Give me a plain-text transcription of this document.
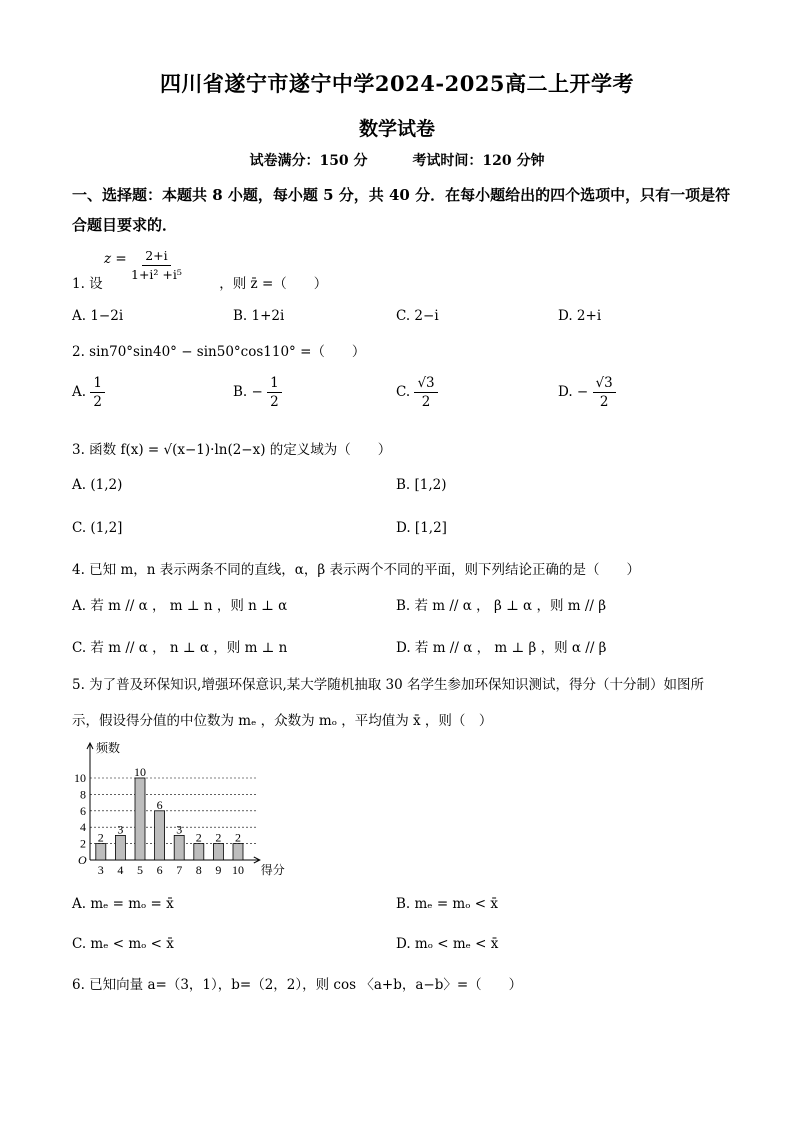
四川省遂宁市遂宁中学2024-2025高二上开学考
数学试卷
试卷满分：150 分	考试时间：120 分钟
一、选择题：本题共 8 小题，每小题 5 分，共 40 分．在每小题给出的四个选项中，只有一项是符合题目要求的．
1. 设	，则 z̄ =（　　）
$z = \frac{2+i}{\text{1+i² +i⁵}}$
A. 1−2i	B. 1+2i	C. 2−i	D. 2+i
2. sin70°sin40° − sin50°cos110° =（　　）
A. $\frac{1}{2}$	B. − $\frac{1}{2}$	C. $\frac{√3}{2}$	D. − $\frac{√3}{2}$
3. 函数 f(x) = √(x−1)·ln(2−x) 的定义域为（　　）
A. (1,2)	B. [1,2)
C. (1,2]	D. [1,2]
4. 已知 m，n 表示两条不同的直线，α，β 表示两个不同的平面，则下列结论正确的是（　　）
A. 若 m // α ， m ⊥ n ，则 n ⊥ α	B. 若 m // α ， β ⊥ α ，则 m // β
C. 若 m // α ， n ⊥ α ，则 m ⊥ n	D. 若 m // α ， m ⊥ β ，则 α // β
5. 为了普及环保知识,增强环保意识,某大学随机抽取 30 名学生参加环保知识测试，得分（十分制）如图所
示，假设得分值的中位数为 mₑ ，众数为 mₒ ，平均值为 x̄ ，则（　）
2
4
6
8
10
频数
得分
O
2
3
3
4
10
5
6
6
3
7
2
8
2
9
2
10
A. mₑ = mₒ = x̄	B. mₑ = mₒ < x̄
C. mₑ < mₒ < x̄	D. mₒ < mₑ < x̄
6. 已知向量 a=（3，1），b=（2，2），则 cos 〈a+b，a−b〉=（　　）
